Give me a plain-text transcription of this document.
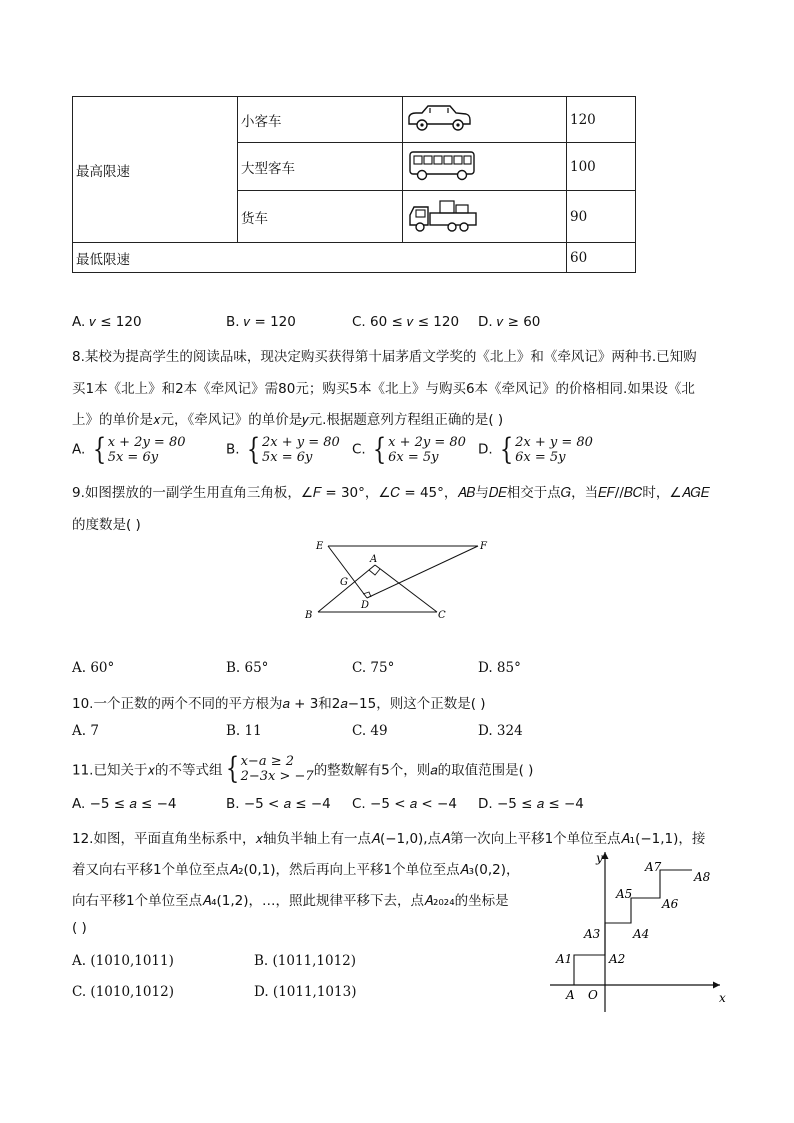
最高限速	小客车		120
	大型客车		100
	货车		90
最低限速			60
A. 𝑣 ≤ 120	B. 𝑣 = 120	C. 60 ≤ 𝑣 ≤ 120 D. 𝑣 ≥ 60
8.某校为提高学生的阅读品味，现决定购买获得第十届茅盾文学奖的《北上》和《牵风记》两种书.已知购
买1本《北上》和2本《牵风记》需80元；购买5本《北上》与购买6本《牵风记》的价格相同.如果设《北
上》的单价是𝑥元，《牵风记》的单价是𝑦元.根据题意列方程组正确的是( )
A. { 𝑥 + 2𝑦 = 80
5𝑥 = 6𝑦	B. { 2𝑥 + 𝑦 = 80
5𝑥 = 6𝑦	C. { 𝑥 + 2𝑦 = 80
6𝑥 = 5𝑦	D. { 2𝑥 + 𝑦 = 80
6𝑥 = 5𝑦
9.如图摆放的一副学生用直角三角板，∠𝐹 = 30°，∠𝐶 = 45°，𝐴𝐵与𝐷𝐸相交于点𝐺，当𝐸𝐹//𝐵𝐶时，∠𝐴𝐺𝐸
的度数是( )
E	F
A
G
D
B	C
A. 60°	B. 65°	C. 75°	D. 85°
10.一个正数的两个不同的平方根为𝑎 + 3和2𝑎−15，则这个正数是( )
A. 7	B. 11	C. 49	D. 324
11.已知关于𝑥的不等式组{ 𝑥−𝑎 ≥ 2
2−3𝑥 > −7的整数解有5个，则𝑎的取值范围是( )
A. −5 ≤ 𝑎 ≤ −4	B. −5 < 𝑎 ≤ −4 C. −5 < 𝑎 < −4 D. −5 ≤ 𝑎 ≤ −4
12.如图，平面直角坐标系中，𝑥轴负半轴上有一点𝐴(−1,0),点𝐴第一次向上平移1个单位至点𝐴₁(−1,1)，接
着又向右平移1个单位至点𝐴₂(0,1)，然后再向上平移1个单位至点𝐴₃(0,2)，
向右平移1个单位至点𝐴₄(1,2)，…，照此规律平移下去，点𝐴₂₀₂₄的坐标是
( )
A. (1010,1011)	B. (1011,1012)
C. (1010,1012)	D. (1011,1013)
y
x
A O
A1	A2
A3	A4
A5
A6
A7
A8
